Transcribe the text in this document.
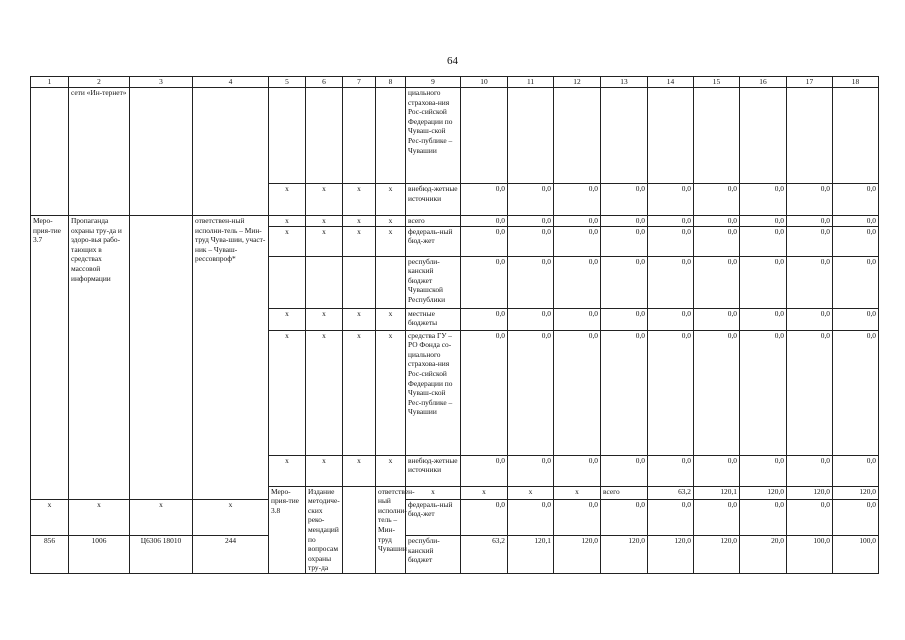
64
1	2	3	4	5	6	7	8	9	10	11	12	13	14	15	16	17	18	
	сети «Ин-тернет»							циального страхова-ния Рос-сийской Федерации по Чуваш-ской Рес-публике – Чувашии										
				x	x	x	x	внебюд-жетные источники	0,0	0,0	0,0	0,0	0,0	0,0	0,0	0,0	0,0	
Меро-прия-тие 3.7	Пропаганда охраны тру-да и здоро-вья рабо-тающих в средствах массовой информации		ответствен-ный исполни-тель – Мин-труд Чува-шии, участ-ник – Чуваш-рессовпроф*	x	x	x	x	всего	0,0	0,0	0,0	0,0	0,0	0,0	0,0	0,0	0,0	
				x	x	x	x	федераль-ный бюд-жет	0,0	0,0	0,0	0,0	0,0	0,0	0,0	0,0	0,0	
								республи-канский бюджет Чувашской Республики	0,0	0,0	0,0	0,0	0,0	0,0	0,0	0,0	0,0	
				x	x	x	x	местные бюджеты	0,0	0,0	0,0	0,0	0,0	0,0	0,0	0,0	0,0	
				x	x	x	x	средства ГУ – РО Фонда со-циального страхова-ния Рос-сийской Федерации по Чуваш-ской Рес-публике – Чувашии	0,0	0,0	0,0	0,0	0,0	0,0	0,0	0,0	0,0	
				x	x	x	x	внебюд-жетные источники	0,0	0,0	0,0	0,0	0,0	0,0	0,0	0,0	0,0	
				Меро-прия-тие 3.8	Издание методиче-ских реко-мендаций по вопросам охраны тру-да		ответствен-ный исполни-тель – Мин-труд Чувашии	x	x	x	x	всего	63,2	120,1	120,0	120,0	120,0				
x	x	x	x					федераль-ный бюд-жет	0,0	0,0	0,0	0,0	0,0	0,0	0,0	0,0	0,0	
856	1006	Ц6306 18010	244					республи-канский бюджет	63,2	120,1	120,0	120,0	120,0	120,0	20,0	100,0	100,0	
